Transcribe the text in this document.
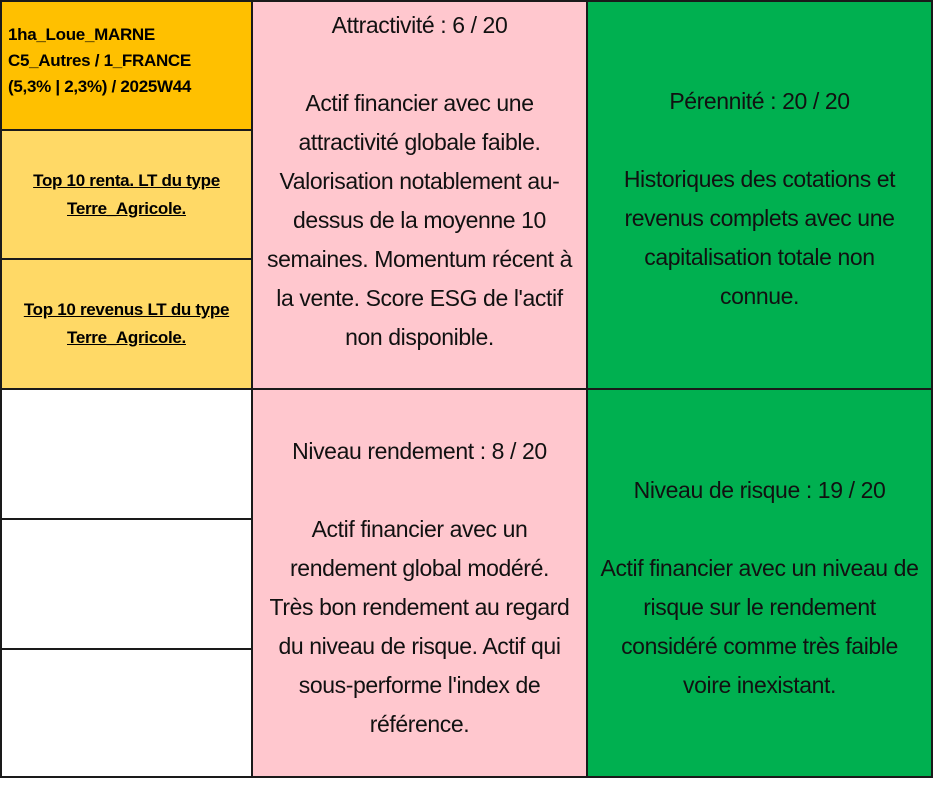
1ha_Loue_MARNE
C5_Autres / 1_FRANCE
(5,3% | 2,3%) / 2025W44
Top 10 renta. LT du type
Terre_Agricole.
Top 10 revenus LT du type
Terre_Agricole.
Attractivité : 6 / 20
Actif financier avec une
attractivité globale faible.
Valorisation notablement au-
dessus de la moyenne 10
semaines. Momentum récent à
la vente. Score ESG de l'actif
non disponible.
Pérennité : 20 / 20
Historiques des cotations et
revenus complets avec une
capitalisation totale non
connue.
Niveau rendement : 8 / 20
Actif financier avec un
rendement global modéré.
Très bon rendement au regard
du niveau de risque. Actif qui
sous-performe l'index de
référence.
Niveau de risque : 19 / 20
Actif financier avec un niveau de
risque sur le rendement
considéré comme très faible
voire inexistant.
